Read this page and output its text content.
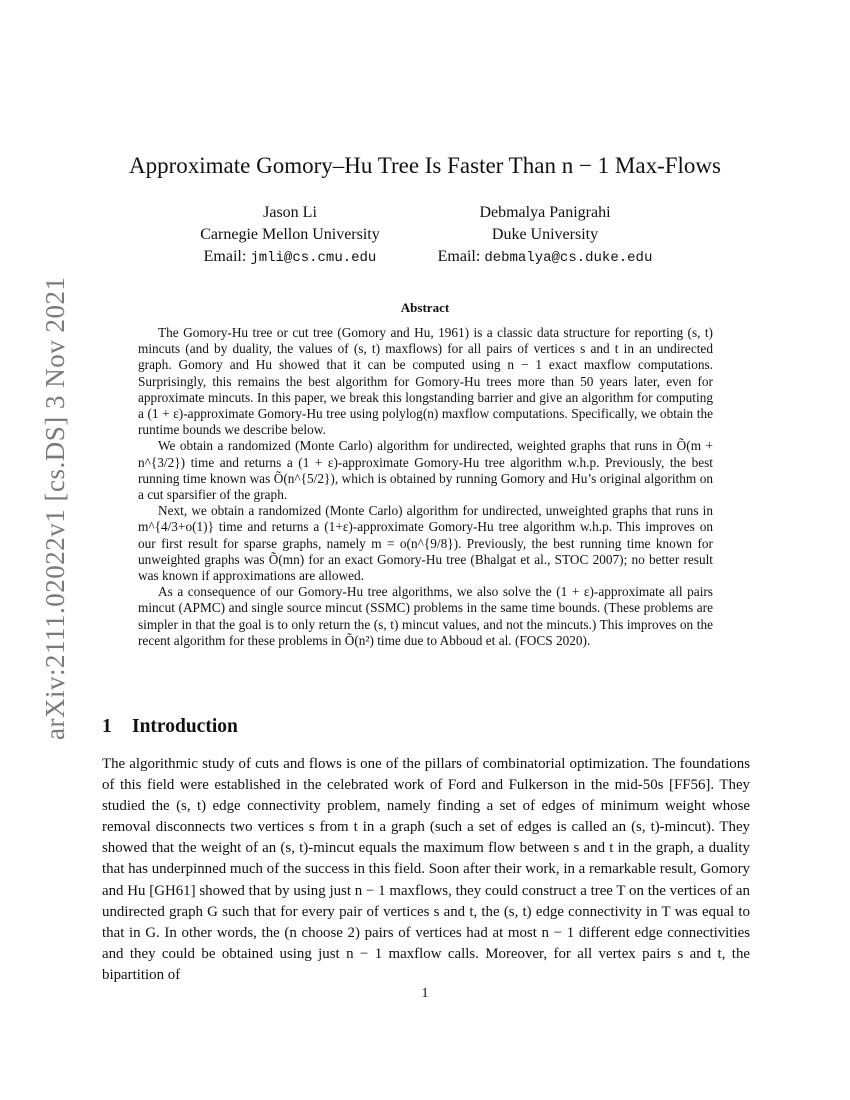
arXiv:2111.02022v1 [cs.DS] 3 Nov 2021
Approximate Gomory–Hu Tree Is Faster Than n − 1 Max-Flows
Jason Li
Carnegie Mellon University
Email: jmli@cs.cmu.edu
Debmalya Panigrahi
Duke University
Email: debmalya@cs.duke.edu
Abstract

The Gomory-Hu tree or cut tree (Gomory and Hu, 1961) is a classic data structure for reporting (s, t) mincuts (and by duality, the values of (s, t) maxflows) for all pairs of vertices s and t in an undirected graph. Gomory and Hu showed that it can be computed using n − 1 exact maxflow computations. Surprisingly, this remains the best algorithm for Gomory-Hu trees more than 50 years later, even for approximate mincuts. In this paper, we break this longstanding barrier and give an algorithm for computing a (1 + ε)-approximate Gomory-Hu tree using polylog(n) maxflow computations. Specifically, we obtain the runtime bounds we describe below.

We obtain a randomized (Monte Carlo) algorithm for undirected, weighted graphs that runs in Õ(m + n^{3/2}) time and returns a (1 + ε)-approximate Gomory-Hu tree algorithm w.h.p. Previously, the best running time known was Õ(n^{5/2}), which is obtained by running Gomory and Hu’s original algorithm on a cut sparsifier of the graph.

Next, we obtain a randomized (Monte Carlo) algorithm for undirected, unweighted graphs that runs in m^{4/3+o(1)} time and returns a (1+ε)-approximate Gomory-Hu tree algorithm w.h.p. This improves on our first result for sparse graphs, namely m = o(n^{9/8}). Previously, the best running time known for unweighted graphs was Õ(mn) for an exact Gomory-Hu tree (Bhalgat et al., STOC 2007); no better result was known if approximations are allowed.

As a consequence of our Gomory-Hu tree algorithms, we also solve the (1 + ε)-approximate all pairs mincut (APMC) and single source mincut (SSMC) problems in the same time bounds. (These problems are simpler in that the goal is to only return the (s, t) mincut values, and not the mincuts.) This improves on the recent algorithm for these problems in Õ(n²) time due to Abboud et al. (FOCS 2020).

1 Introduction

The algorithmic study of cuts and flows is one of the pillars of combinatorial optimization. The foundations of this field were established in the celebrated work of Ford and Fulkerson in the mid-50s [FF56]. They studied the (s, t) edge connectivity problem, namely finding a set of edges of minimum weight whose removal disconnects two vertices s from t in a graph (such a set of edges is called an (s, t)-mincut). They showed that the weight of an (s, t)-mincut equals the maximum flow between s and t in the graph, a duality that has underpinned much of the success in this field. Soon after their work, in a remarkable result, Gomory and Hu [GH61] showed that by using just n − 1 maxflows, they could construct a tree T on the vertices of an undirected graph G such that for every pair of vertices s and t, the (s, t) edge connectivity in T was equal to that in G. In other words, the (n choose 2) pairs of vertices had at most n − 1 different edge connectivities and they could be obtained using just n − 1 maxflow calls. Moreover, for all vertex pairs s and t, the bipartition of

1
